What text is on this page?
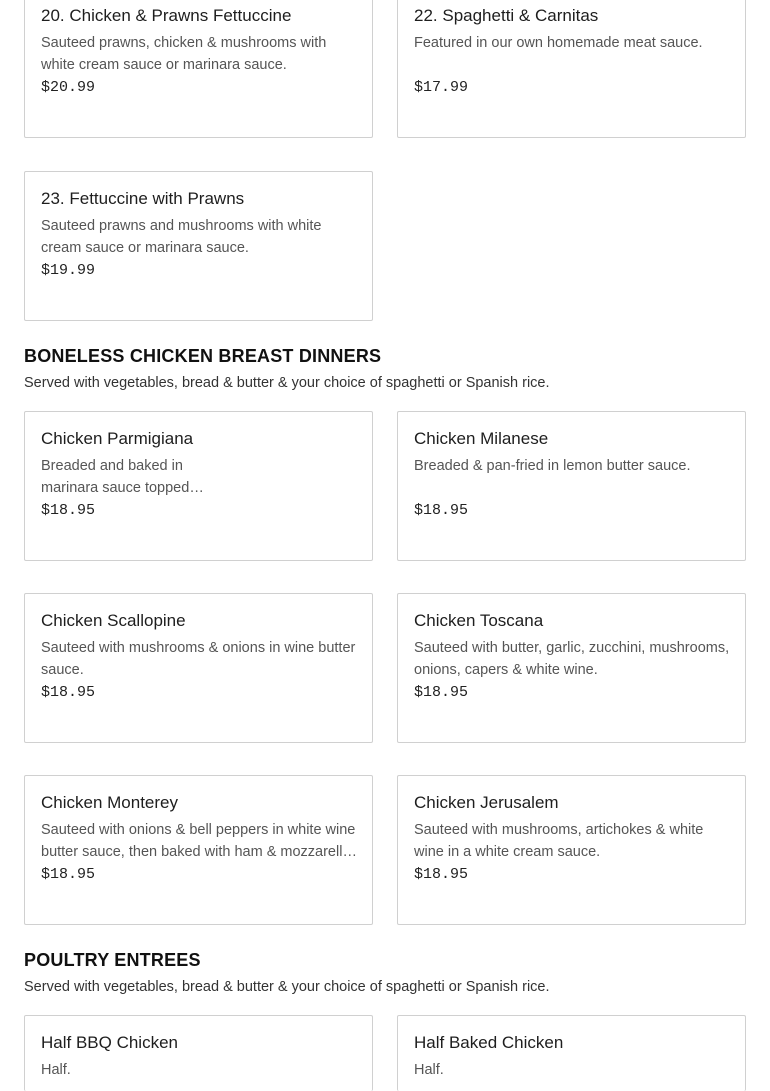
20. Chicken & Prawns Fettuccine
Sauteed prawns, chicken & mushrooms with white cream sauce or marinara sauce.
$20.99
22. Spaghetti & Carnitas
Featured in our own homemade meat sauce.
$17.99
23. Fettuccine with Prawns
Sauteed prawns and mushrooms with white cream sauce or marinara sauce.
$19.99
BONELESS CHICKEN BREAST DINNERS
Served with vegetables, bread & butter & your choice of spaghetti or Spanish rice.
Chicken Parmigiana
Breaded and baked in marinara sauce topped
$18.95
Chicken Milanese
Breaded & pan-fried in lemon butter sauce.
$18.95
Chicken Scallopine
Sauteed with mushrooms & onions in wine butter sauce.
$18.95
Chicken Toscana
Sauteed with butter, garlic, zucchini, mushrooms, onions, capers & white wine.
$18.95
Chicken Monterey
Sauteed with onions & bell peppers in white wine butter sauce, then baked with ham & mozzarella
$18.95
Chicken Jerusalem
Sauteed with mushrooms, artichokes & white wine in a white cream sauce.
$18.95
POULTRY ENTREES
Served with vegetables, bread & butter & your choice of spaghetti or Spanish rice.
Half BBQ Chicken
Half.
Half Baked Chicken
Half.
